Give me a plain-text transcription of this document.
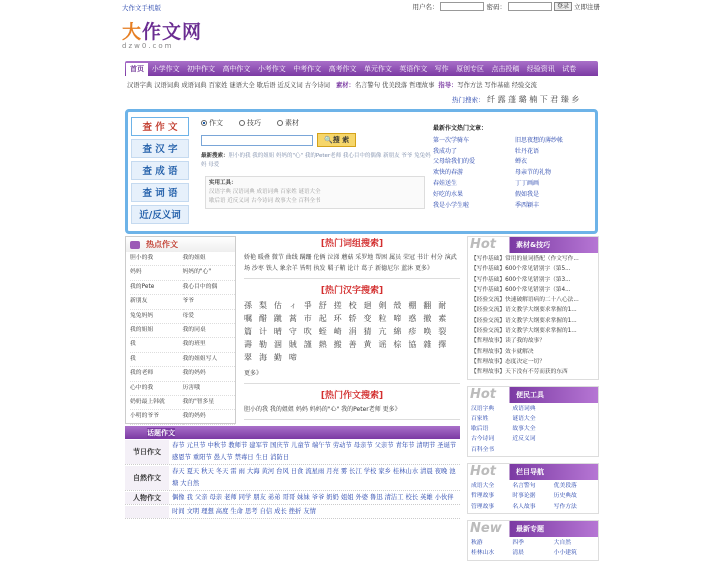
大作文手机版	用户名：	密码：	登录 立即注册
大作文网
dzw0.com
首页	小学作文	初中作文	高中作文	小考作文	中考作文	高考作文	单元作文	英语作文	写作	原创专区	点击投稿	经验资讯	试卷
汉语字典 汉语词典 成语词典 百家姓 谜语大全 歇后语 近反义词 古今诗词 素材：名言警句 优美段落 哲理故事 指导：写作方法 写作基础 经验交流
热门搜索： 纤 露 蓬 璐 楠 下 君 臻 乡
查 作 文
查 汉 字
查 成 语
查 词 语
近/反义词
作文	技巧	素材
🔍搜 索
最新搜索：胆小的我 我的姐姐 妈妈的"心" 我的Peter老师 我心目中的偶像 新朋友 爷爷 兔兔妈妈 母爱
实用工具：
汉语字典 汉语词典 成语词典 百家姓 谜语大全
歇后语 近反义词 古今诗词 故事大全 百科全书
最新作文热门文章：
第一次学骑车	旧思夜想的薄纱帐
我成功了	牡丹花语
父母给我们的爱	蝉衣
欢快的春游	母亲节的礼物
春娃送生	丁丁画画
好吃的水果	假如我是
我是小学生啦	季西颖丰
热点作文
胆小的我	我的姐姐
妈妈	妈妈的"心"
我的Pete	我心目中的偶
新朋友	爷爷
兔兔妈妈	母爱
我的姐姐	我的同桌
我	我的班里
我	我的姐姐写人
我的老师	我的妈妈
心中的我	历害哦
奶奶最上韩就	我的"智多星
小明的爷爷	我的妈妈
[热门词组搜索]
娇艳 暖叠 微节 曲线 蹒跚 伦俩 泣涕 蘑菇 采罗地 帮困 属员 荣冠 书计 村分 演武场 沙枣 铁人 象余羊 皆明 执发 羁子鞘 论计 葛子 新德尼尔 蓝沐 更多》
[热门汉字搜索]
孫 梨 估 ィ 爭 舒 搓 校 廻 剣 殼 棚 翻 耐 嘱 醋 蹴 蒿 市 起 环 轿 变 粒 啼 惑 撤 素 篇 计 晴 守 吹 蛭 崎 涓 猜 亢 綿 疹 唤 裂 壽 勒 涸 賊 謹 熱 搬 善 黄 谣 棕 協 雜 擇 翠 海 勤 啼
更多》
[热门作文搜索]
胆小的我 我的姐姐 妈妈 妈妈的"心" 我的Peter老师 更多》
Hot	素材&技巧
【写作基础】常用的量词搭配（作文写作...
【写作基础】600个常见错别字（第5...
【写作基础】600个常见错别字（第3...
【写作基础】600个常见错别字（第4...
【经验交流】快速破解语病的二十八心法...
【经验交流】语文教学大纲要求掌握的1...
【经验交流】语文教学大纲要求掌握的1...
【经验交流】语文教学大纲要求掌握的1...
【哲理故事】读了我的故事？
【哲理故事】效卡就解决
【哲理故事】态度决定一切？
【哲理故事】天下没有不劳而获的东西
Hot	便民工具
汉语字典	成语词典
百家姓	谜语大全
歇后语	故事大全
古今诗词	近反义词
百科全书
Hot	栏目导航
成语大全	名言警句	优美段落
哲理故事	时事论据	历史典故
管理故事	名人故事	写作方法
New 最新专题
秋游	四季	大自然
桂林山水	清晨	小小建筑
话题作文
节日作文
春节 元旦节 中秋节 教师节 建军节 国庆节 儿童节 端午节 劳动节 母亲节 父亲节 青年节 清明节 圣诞节 感恩节 重阳节 愚人节 禁毒日 生日 消防日
自然作文
春天 夏天 秋天 冬天 雷 雨 大海 黄河 台风 日食 流星雨 月亮 雾 长江 学校 家乡 桂林山水 清晨 夜晚 池塘 大自然
人物作文	偶像 我 父亲 母亲 老师 同学 朋友 弟弟 哥哥 妹妹 爷爷 奶奶 姐姐 外婆 鲁迅 清洁工 校长 英雄 小伙伴
时间 文明 理想 高度 生命 思考 自信 成长 挫折 友情
